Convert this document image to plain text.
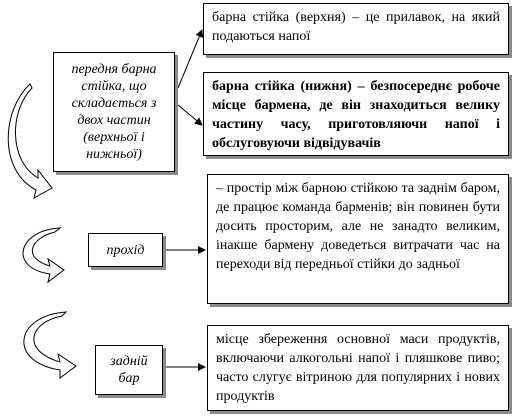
передня барна стійка, що складається з двох частин (верхньої і нижньої)
прохід
задній бар
барна стійка (верхня) – це прилавок, на який подаються напої
барна стійка (нижня) – безпосереднє робоче місце бармена, де він знаходиться велику частину часу, приготовляючи напої і обслуговуючи відвідувачів
– простір між барною стійкою та заднім баром, де працює команда барменів; він повинен бути досить просторим, але не занадто великим, інакше бармену доведеться витрачати час на переходи від передньої стійки до задньої
місце збереження основної маси продуктів, включаючи алкогольні напої і пляшкове пиво; часто слугує вітриною для популярних і нових продуктів
